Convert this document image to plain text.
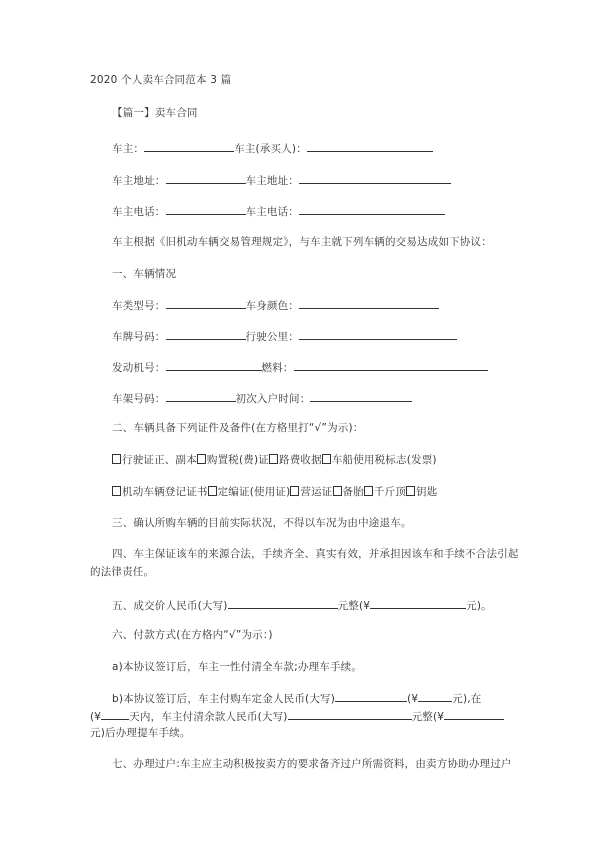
2020 个人卖车合同范本 3 篇
【篇一】卖车合同
车主：	车主(承买人)：
车主地址：	车主地址：
车主电话：	车主电话：
车主根据《旧机动车辆交易管理规定》，与车主就下列车辆的交易达成如下协议：
一、车辆情况
车类型号：	车身颜色：
车牌号码：	行驶公里：
发动机号：	燃料：
车架号码：	初次入户时间：
二、车辆具备下列证件及备件(在方格里打“√”为示)：
行驶证正、副本 购置税(费)证 路费收据 车船使用税标志(发票)
机动车辆登记证书 定编证(使用证) 营运证 备胎 千斤顶 钥匙
三、确认所购车辆的目前实际状况，不得以车况为由中途退车。
四、车主保证该车的来源合法，手续齐全、真实有效，并承担因该车和手续不合法引起
的法律责任。
五、成交价人民币(大写)	元整(¥	元)。
六、付款方式(在方格内“√”为示：)
a)本协议签订后，车主一性付清全车款;办理车手续。
b)本协议签订后，车主付购车定金人民币(大写)	(¥	元),在
(¥	天内，车主付清余款人民币(大写)	元整(¥
元)后办理提车手续。
七、办理过户:车主应主动积极按卖方的要求备齐过户所需资料，由卖方协助办理过户
